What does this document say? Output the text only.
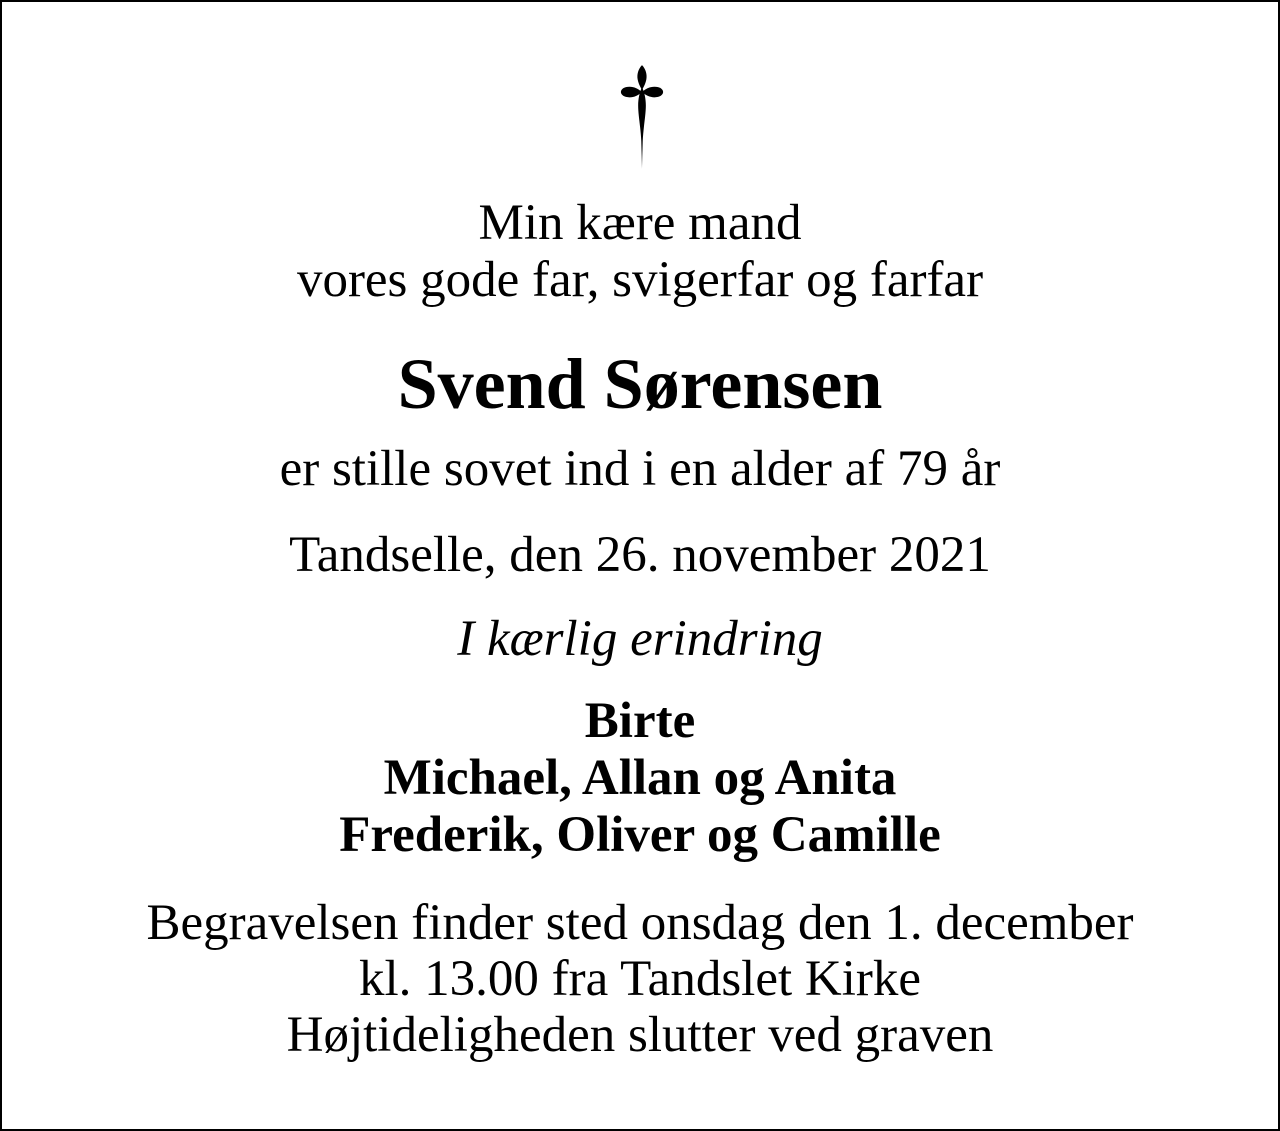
Min kære mand
vores gode far, svigerfar og farfar
Svend Sørensen
er stille sovet ind i en alder af 79 år
Tandselle, den 26. november 2021
I kærlig erindring
Birte
Michael, Allan og Anita
Frederik, Oliver og Camille
Begravelsen finder sted onsdag den 1. december
kl. 13.00 fra Tandslet Kirke
Højtideligheden slutter ved graven
